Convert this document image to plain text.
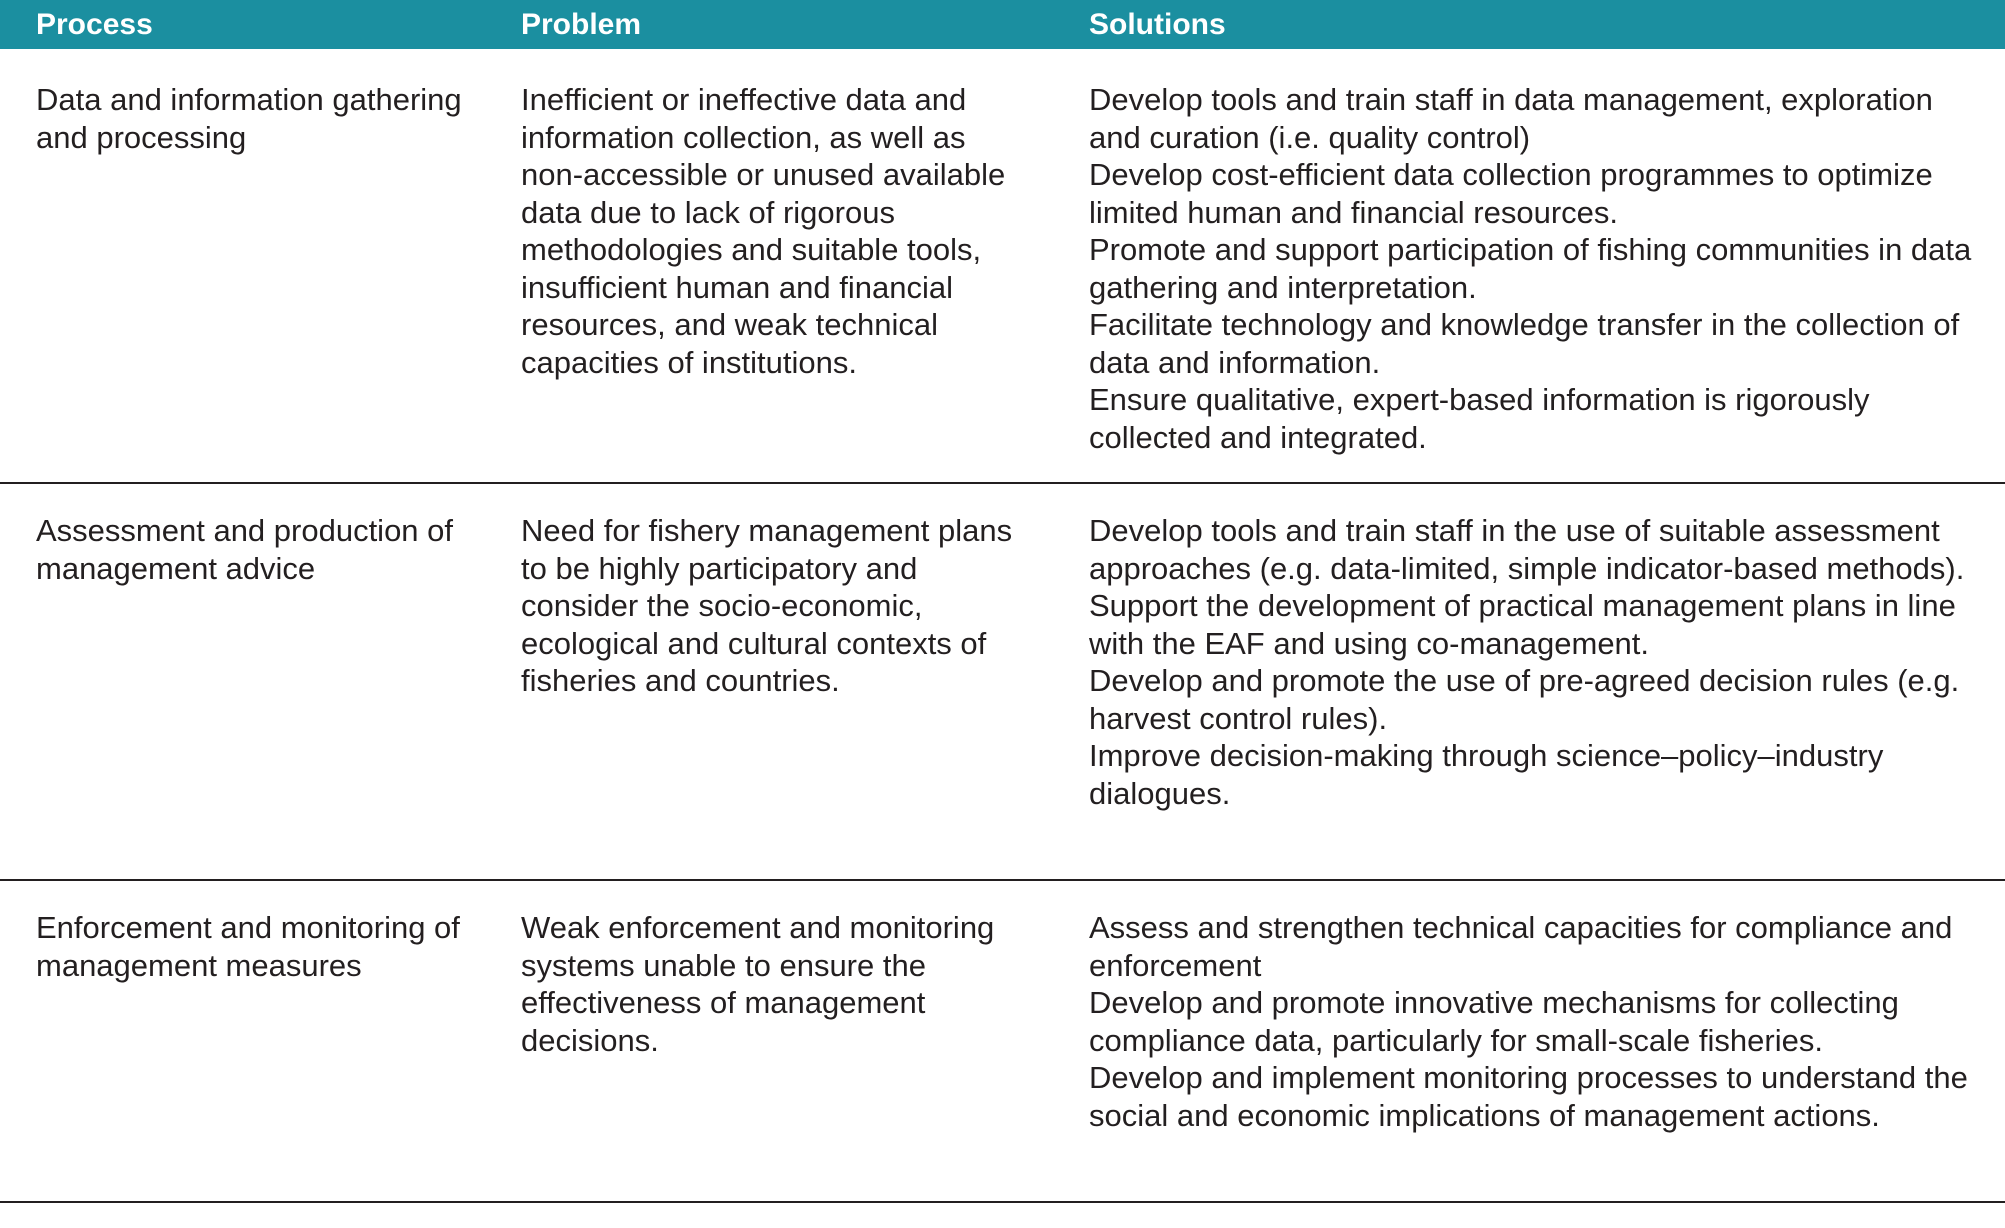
Process	Problem	Solutions
Data and information gathering and processing
Inefficient or ineffective data and information collection, as well as non-accessible or unused available data due to lack of rigorous methodologies and suitable tools, insufficient human and financial resources, and weak technical capacities of institutions.

Develop tools and train staff in data management, exploration and curation (i.e. quality control)

Develop cost-efficient data collection programmes to optimize limited human and financial resources.

Promote and support participation of fishing communities in data gathering and interpretation.

Facilitate technology and knowledge transfer in the collection of data and information.

Ensure qualitative, expert-based information is rigorously collected and integrated.

Assessment and production of management advice
Need for fishery management plans to be highly participatory and consider the socio-economic, ecological and cultural contexts of fisheries and countries.

Develop tools and train staff in the use of suitable assessment approaches (e.g. data-limited, simple indicator-based methods).

Support the development of practical management plans in line with the EAF and using co-management.

Develop and promote the use of pre-agreed decision rules (e.g. harvest control rules).

Improve decision-making through science–policy–industry dialogues.

Enforcement and monitoring of management measures
Weak enforcement and monitoring systems unable to ensure the effectiveness of management decisions.

Assess and strengthen technical capacities for compliance and enforcement

Develop and promote innovative mechanisms for collecting compliance data, particularly for small-scale fisheries.

Develop and implement monitoring processes to understand the social and economic implications of management actions.
